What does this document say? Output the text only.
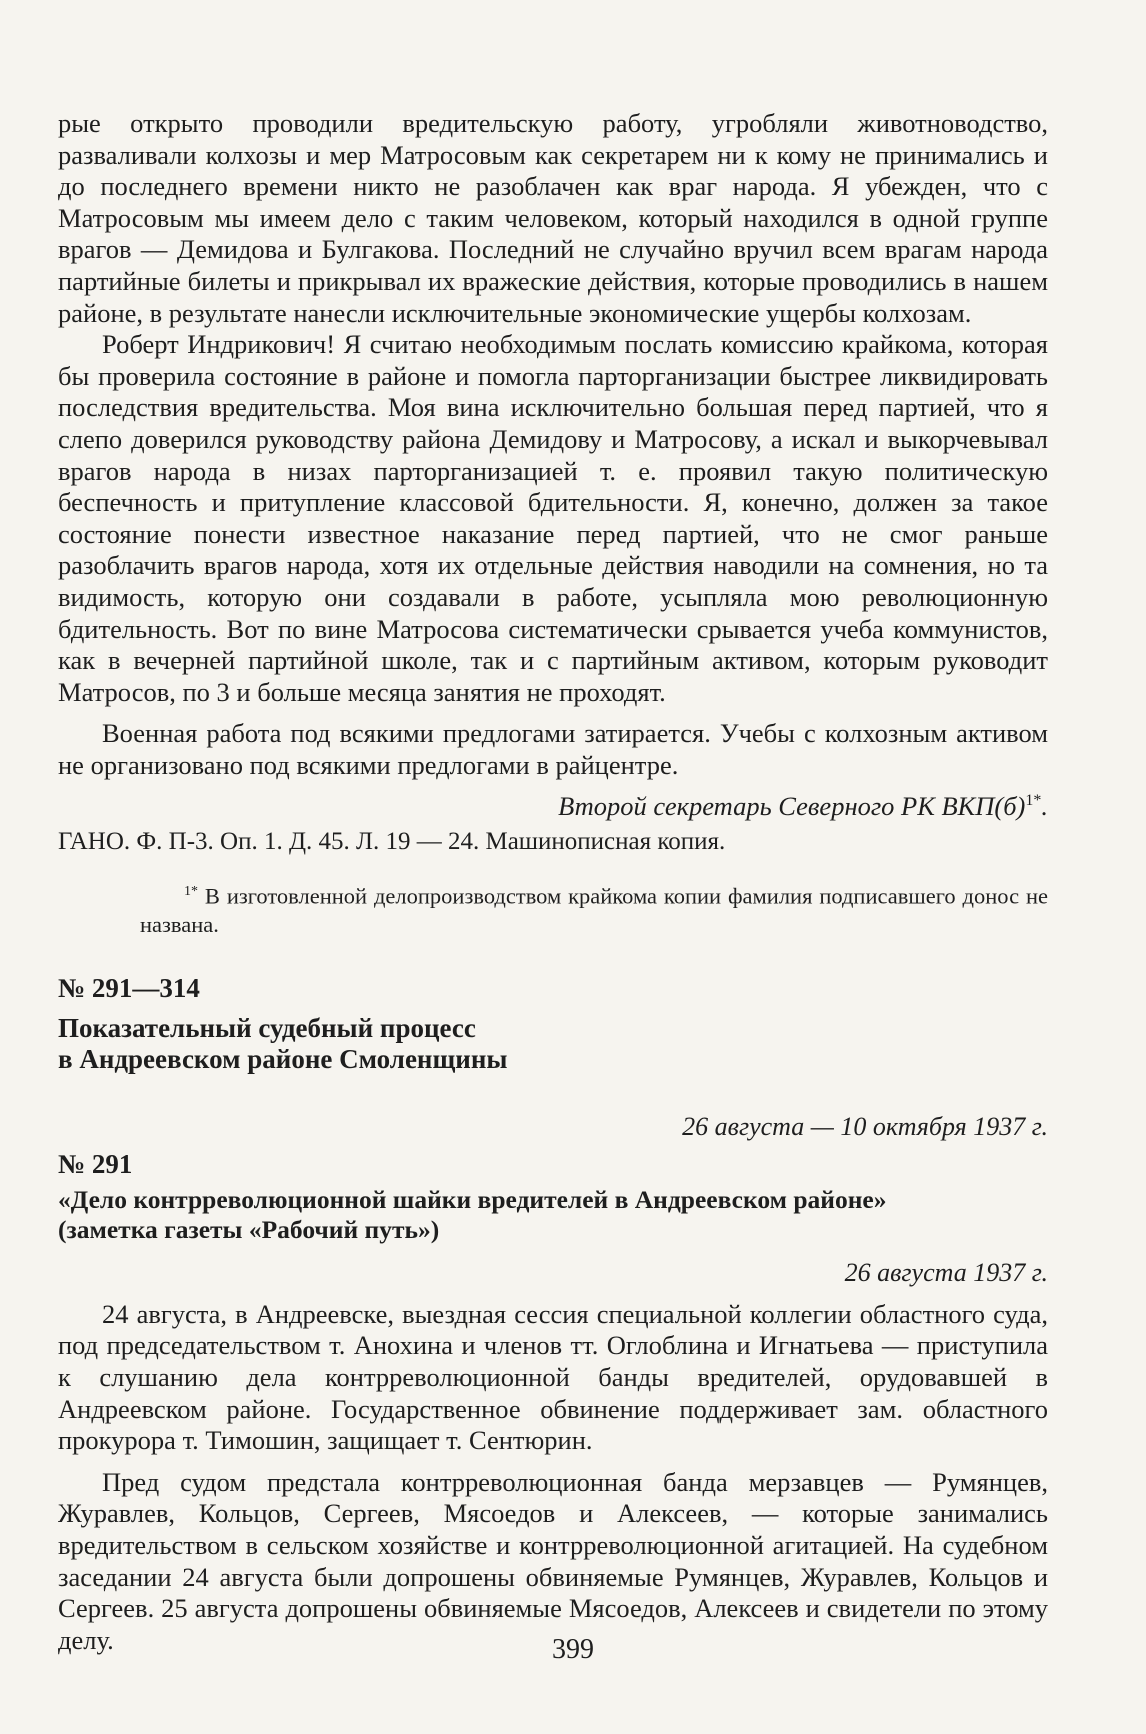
рые открыто проводили вредительскую работу, угробляли животноводство, разваливали колхозы и мер Матросовым как секретарем ни к кому не принимались и до последнего времени никто не разоблачен как враг народа. Я убежден, что с Матросовым мы имеем дело с таким человеком, который находился в одной группе врагов — Демидова и Булгакова. Последний не случайно вручил всем врагам народа партийные билеты и прикрывал их вражеские действия, которые проводились в нашем районе, в результате нанесли исключительные экономические ущербы колхозам.

Роберт Индрикович! Я считаю необходимым послать комиссию крайкома, которая бы проверила состояние в районе и помогла парторганизации быстрее ликвидировать последствия вредительства. Моя вина исключительно большая перед партией, что я слепо доверился руководству района Демидову и Матросову, а искал и выкорчевывал врагов народа в низах парторганизацией т. е. проявил такую политическую беспечность и притупление классовой бдительности. Я, конечно, должен за такое состояние понести известное наказание перед партией, что не смог раньше разоблачить врагов народа, хотя их отдельные действия наводили на сомнения, но та видимость, которую они создавали в работе, усыпляла мою революционную бдительность. Вот по вине Матросова систематически срывается учеба коммунистов, как в вечерней партийной школе, так и с партийным активом, которым руководит Матросов, по 3 и больше месяца занятия не проходят.

Военная работа под всякими предлогами затирается. Учебы с колхозным активом не организовано под всякими предлогами в райцентре.

Второй секретарь Северного РК $ВКП(б)^{1*}$.

ГАНО. Ф. П-3. Оп. 1. Д. 45. Л. 19 — 24. Машинописная копия.

$^{1*}$ В изготовленной делопроизводством крайкома копии фамилия подписавшего донос не названа.

№ 291—314

Показательный судебный процесс
в Андреевском районе Смоленщины

26 августа — 10 октября 1937 г.

№ 291

«Дело контрреволюционной шайки вредителей в Андреевском районе»
(заметка газеты «Рабочий путь»)

26 августа 1937 г.

24 августа, в Андреевске, выездная сессия специальной коллегии областного суда, под председательством т. Анохина и членов тт. Оглоблина и Игнатьева — приступила к слушанию дела контрреволюционной банды вредителей, орудовавшей в Андреевском районе. Государственное обвинение поддерживает зам. областного прокурора т. Тимошин, защищает т. Сентюрин.

Пред судом предстала контрреволюционная банда мерзавцев — Румянцев, Журавлев, Кольцов, Сергеев, Мясоедов и Алексеев, — которые занимались вредительством в сельском хозяйстве и контрреволюционной агитацией. На судебном заседании 24 августа были допрошены обвиняемые Румянцев, Журавлев, Кольцов и Сергеев. 25 августа допрошены обвиняемые Мясоедов, Алексеев и свидетели по этому делу.	399
